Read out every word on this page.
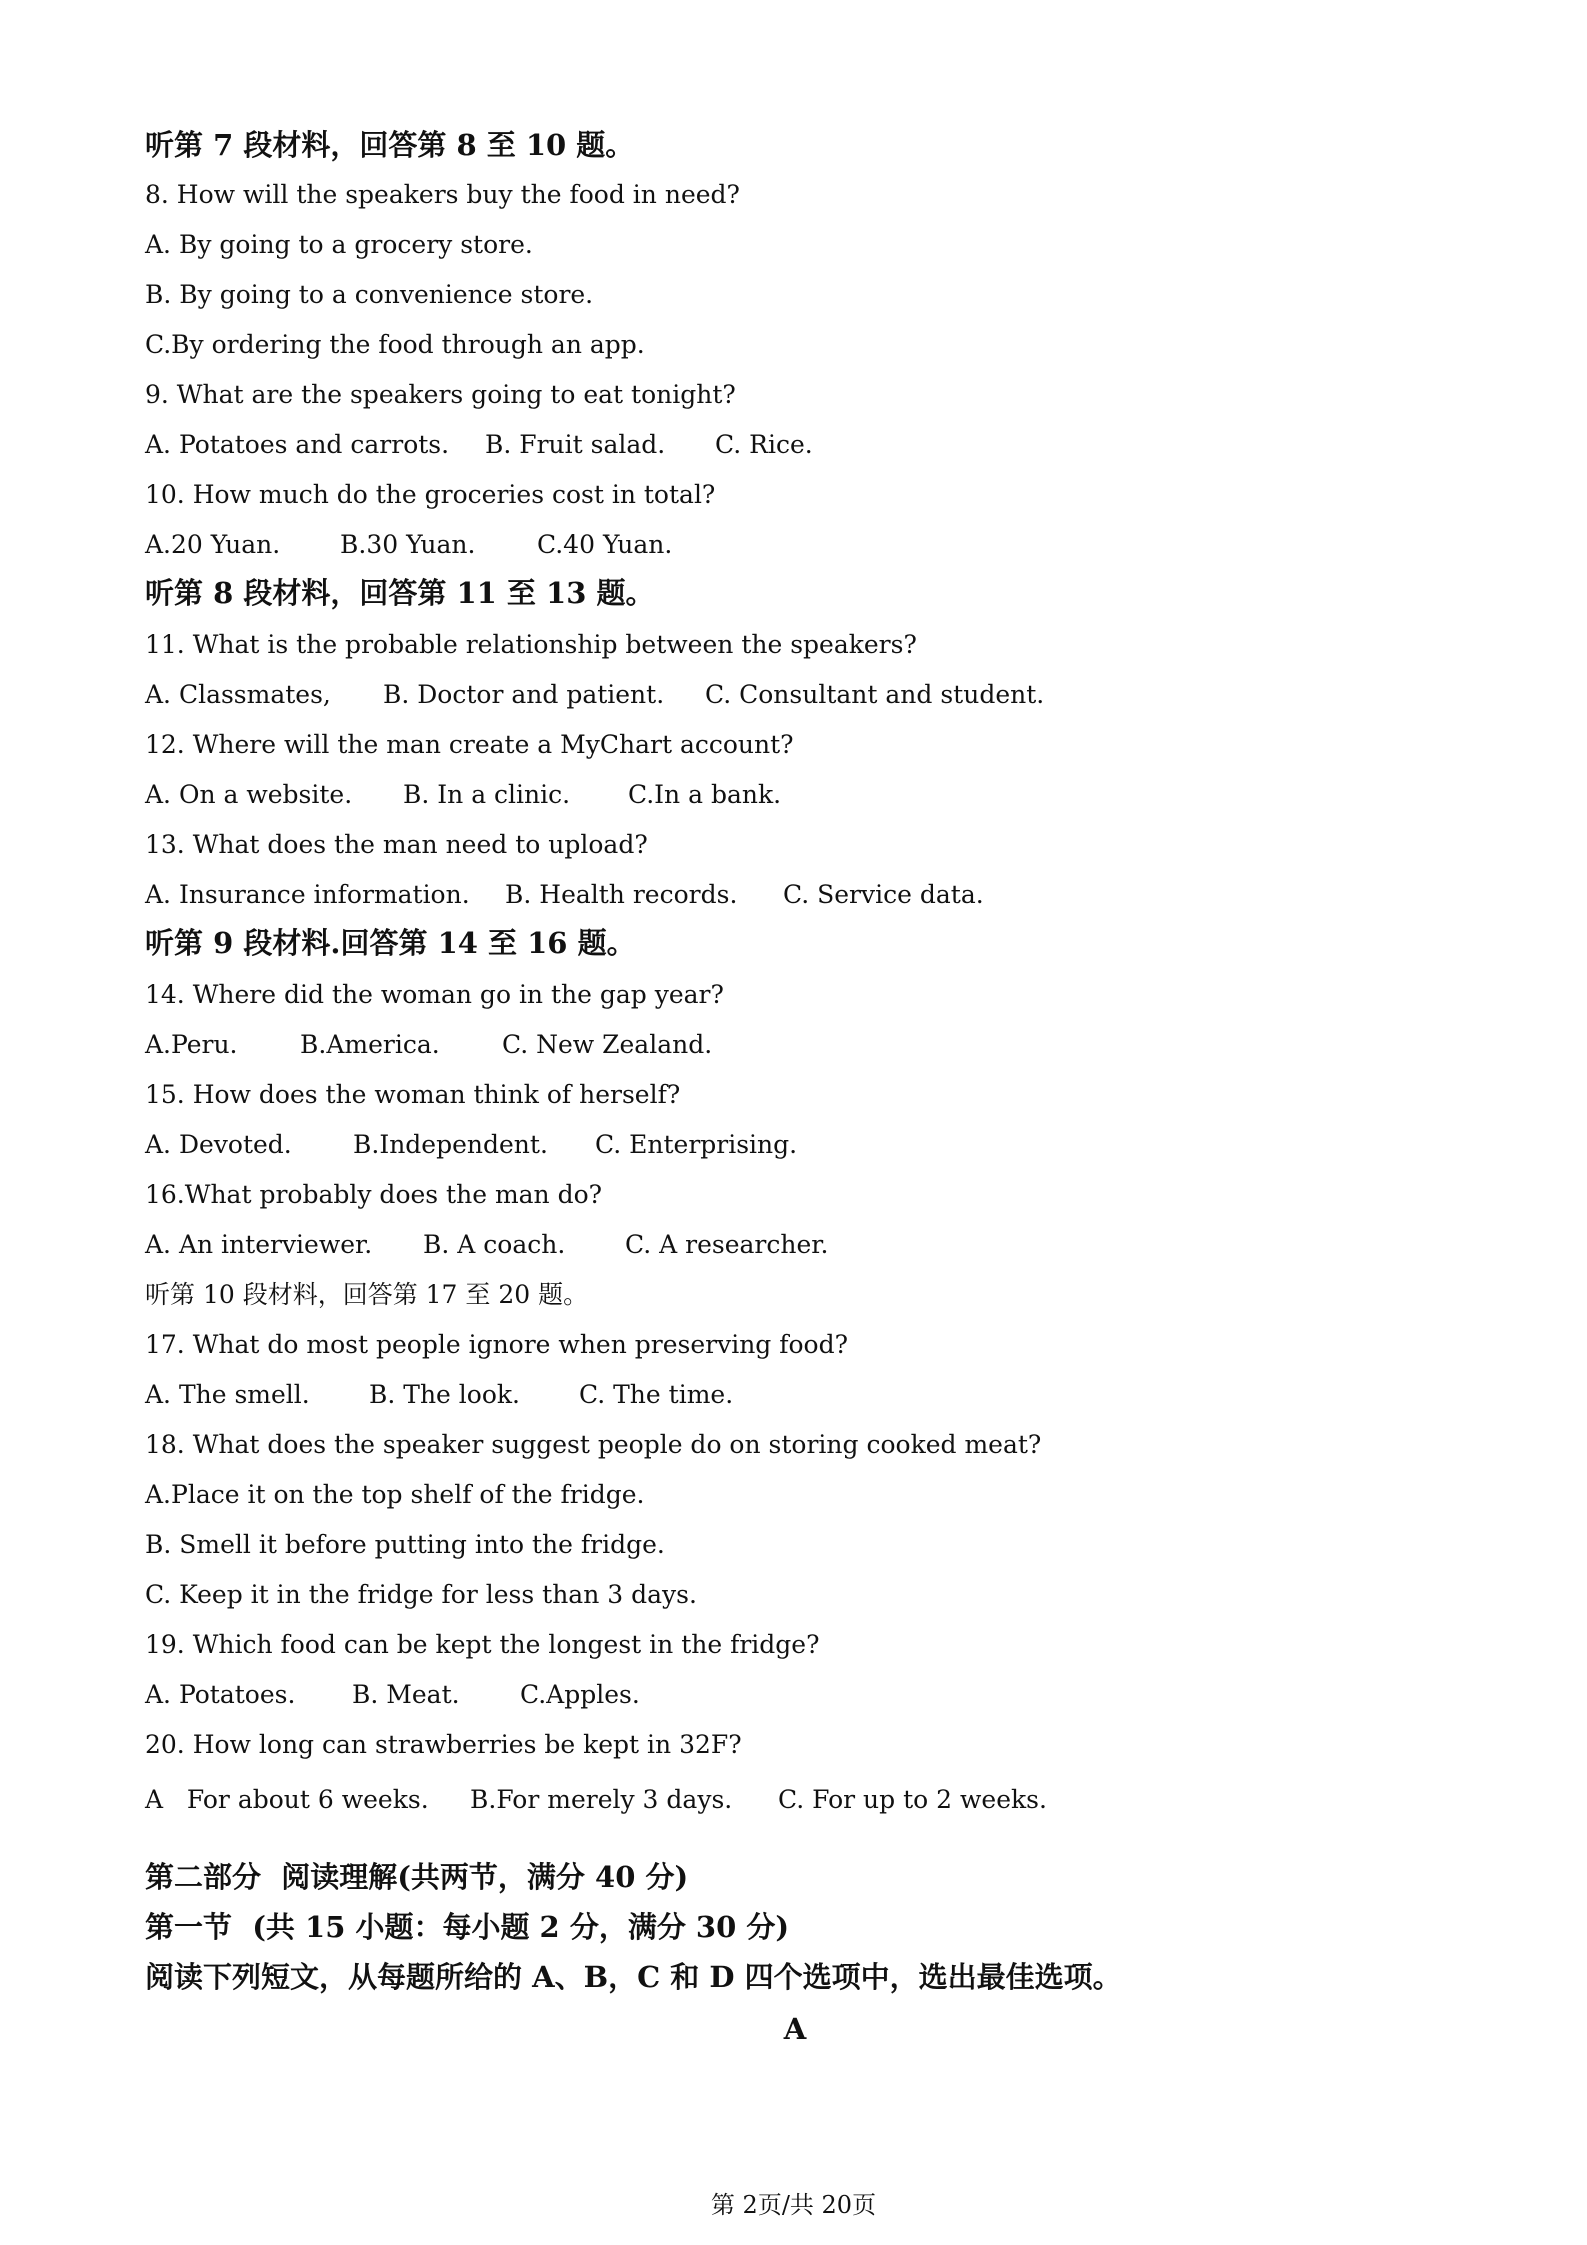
听第 7 段材料，回答第 8 至 10 题。
8. How will the speakers buy the food in need?
A. By going to a grocery store.
B. By going to a convenience store.
C.By ordering the food through an app.
9. What are the speakers going to eat tonight?
A. Potatoes and carrots. B. Fruit salad. C. Rice.
10. How much do the groceries cost in total?
A.20 Yuan. B.30 Yuan. C.40 Yuan.
听第 8 段材料，回答第 11 至 13 题。
11. What is the probable relationship between the speakers?
A. Classmates, B. Doctor and patient. C. Consultant and student.
12. Where will the man create a MyChart account?
A. On a website. B. In a clinic. C.In a bank.
13. What does the man need to upload?
A. Insurance information. B. Health records. C. Service data.
听第 9 段材料.回答第 14 至 16 题。
14. Where did the woman go in the gap year?
A.Peru.	B.America. C. New Zealand.
15. How does the woman think of herself?
A. Devoted. B.Independent. C. Enterprising.
16.What probably does the man do?
A. An interviewer. B. A coach. C. A researcher.
听第 10 段材料，回答第 17 至 20 题。
17. What do most people ignore when preserving food?
A. The smell. B. The look. C. The time.
18. What does the speaker suggest people do on storing cooked meat?
A.Place it on the top shelf of the fridge.
B. Smell it before putting into the fridge.
C. Keep it in the fridge for less than 3 days.
19. Which food can be kept the longest in the fridge?
A. Potatoes. B. Meat. C.Apples.
20. How long can strawberries be kept in 32F?
A   For about 6 weeks. B.For merely 3 days. C. For up to 2 weeks.
第二部分  阅读理解(共两节，满分 40 分)
第一节  (共 15 小题：每小题 2 分，满分 30 分)
阅读下列短文，从每题所给的 A、B，C 和 D 四个选项中，选出最佳选项。
A
第 2页/共 20页
